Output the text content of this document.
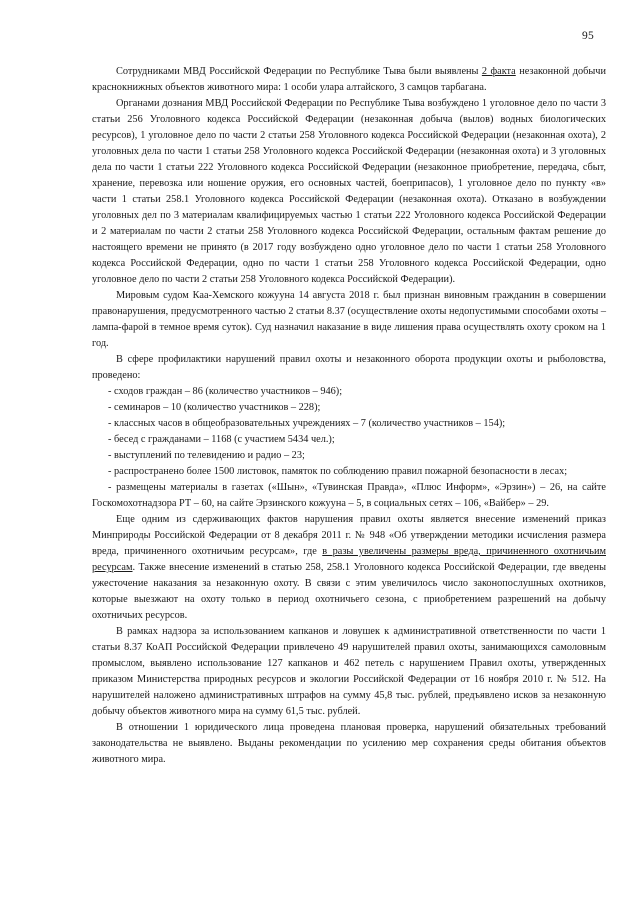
95

Сотрудниками МВД Российской Федерации по Республике Тыва были выявлены 2 факта незаконной добычи краснокнижных объектов животного мира: 1 особи улара алтайского, 3 самцов тарбагана.

Органами дознания МВД Российской Федерации по Республике Тыва возбуждено 1 уголовное дело по части 3 статьи 256 Уголовного кодекса Российской Федерации (незаконная добыча (вылов) водных биологических ресурсов), 1 уголовное дело по части 2 статьи 258 Уголовного кодекса Российской Федерации (незаконная охота), 2 уголовных дела по части 1 статьи 258 Уголовного кодекса Российской Федерации (незаконная охота) и 3 уголовных дела по части 1 статьи 222 Уголовного кодекса Российской Федерации (незаконное приобретение, передача, сбыт, хранение, перевозка или ношение оружия, его основных частей, боеприпасов), 1 уголовное дело по пункту «в» части 1 статьи 258.1 Уголовного кодекса Российской Федерации (незаконная охота). Отказано в возбуждении уголовных дел по 3 материалам квалифицируемых частью 1 статьи 222 Уголовного кодекса Российской Федерации и 2 материалам по части 2 статьи 258 Уголовного кодекса Российской Федерации, остальным фактам решение до настоящего времени не принято (в 2017 году возбуждено одно уголовное дело по части 1 статьи 258 Уголовного кодекса Российской Федерации, одно по части 1 статьи 258 Уголовного кодекса Российской Федерации, одно уголовное дело по части 2 статьи 258 Уголовного кодекса Российской Федерации).

Мировым судом Каа-Хемского кожууна 14 августа 2018 г. был признан виновным гражданин в совершении правонарушения, предусмотренного частью 2 статьи 8.37 (осуществление охоты недопустимыми способами охоты – лампа-фарой в темное время суток). Суд назначил наказание в виде лишения права осуществлять охоту сроком на 1 год.

В сфере профилактики нарушений правил охоты и незаконного оборота продукции охоты и рыболовства, проведено:

- сходов граждан – 86 (количество участников – 946);
- семинаров – 10 (количество участников – 228);
- классных часов в общеобразовательных учреждениях – 7 (количество участников – 154);
- бесед с гражданами – 1168 (с участием 5434 чел.);
- выступлений по телевидению и радио – 23;
- распространено более 1500 листовок, памяток по соблюдению правил пожарной безопасности в лесах;
- размещены материалы в газетах («Шын», «Тувинская Правда», «Плюс Информ», «Эрзин») – 26, на сайте Госкомохотнадзора РТ – 60, на сайте Эрзинского кожууна – 5, в социальных сетях – 106, «Вайбер» – 29.

Еще одним из сдерживающих фактов нарушения правил охоты является внесение изменений приказ Минприроды Российской Федерации от 8 декабря 2011 г. № 948 «Об утверждении методики исчисления размера вреда, причиненного охотничьим ресурсам», где в разы увеличены размеры вреда, причиненного охотничьим ресурсам. Также внесение изменений в статью 258, 258.1 Уголовного кодекса Российской Федерации, где введены ужесточение наказания за незаконную охоту. В связи с этим увеличилось число законопослушных охотников, которые выезжают на охоту только в период охотничьего сезона, с приобретением разрешений на добычу охотничьих ресурсов.

В рамках надзора за использованием капканов и ловушек к административной ответственности по части 1 статьи 8.37 КоАП Российской Федерации привлечено 49 нарушителей правил охоты, занимающихся самоловным промыслом, выявлено использование 127 капканов и 462 петель с нарушением Правил охоты, утвержденных приказом Министерства природных ресурсов и экологии Российской Федерации от 16 ноября 2010 г. № 512. На нарушителей наложено административных штрафов на сумму 45,8 тыс. рублей, предъявлено исков за незаконную добычу объектов животного мира на сумму 61,5 тыс. рублей.

В отношении 1 юридического лица проведена плановая проверка, нарушений обязательных требований законодательства не выявлено. Выданы рекомендации по усилению мер сохранения среды обитания объектов животного мира.
